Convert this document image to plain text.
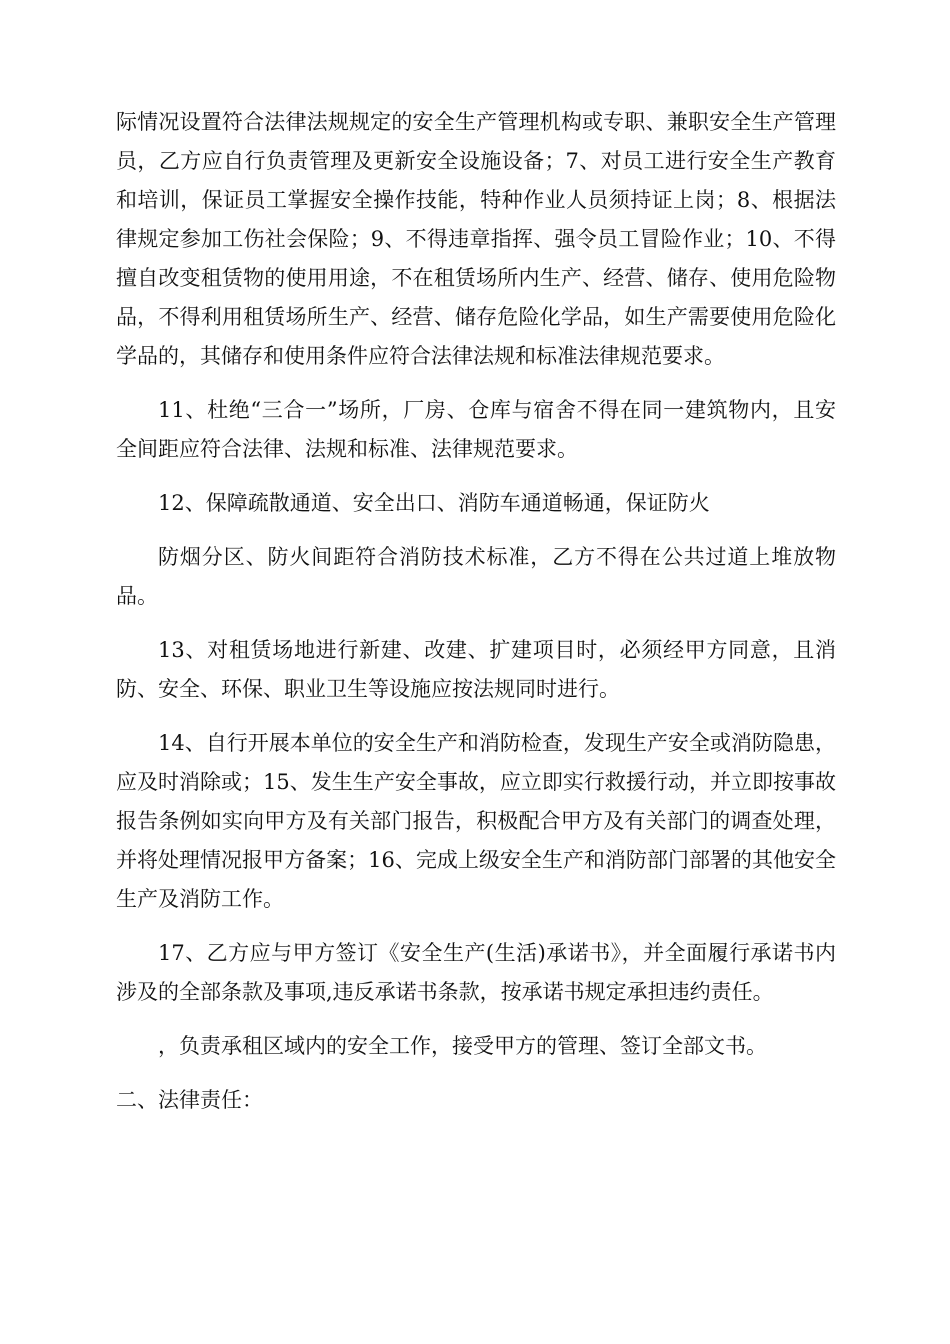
际情况设置符合法律法规规定的安全生产管理机构或专职、兼职安全生产管理员，乙方应自行负责管理及更新安全设施设备；7、对员工进行安全生产教育和培训，保证员工掌握安全操作技能，特种作业人员须持证上岗；8、根据法律规定参加工伤社会保险；9、不得违章指挥、强令员工冒险作业；10、不得擅自改变租赁物的使用用途，不在租赁场所内生产、经营、储存、使用危险物品，不得利用租赁场所生产、经营、储存危险化学品，如生产需要使用危险化学品的，其储存和使用条件应符合法律法规和标准法律规范要求。

11、杜绝“三合一”场所，厂房、仓库与宿舍不得在同一建筑物内，且安全间距应符合法律、法规和标准、法律规范要求。

12、保障疏散通道、安全出口、消防车通道畅通，保证防火

防烟分区、防火间距符合消防技术标准，乙方不得在公共过道上堆放物品。

13、对租赁场地进行新建、改建、扩建项目时，必须经甲方同意，且消防、安全、环保、职业卫生等设施应按法规同时进行。

14、自行开展本单位的安全生产和消防检查，发现生产安全或消防隐患，应及时消除或；15、发生生产安全事故，应立即实行救援行动，并立即按事故报告条例如实向甲方及有关部门报告，积极配合甲方及有关部门的调查处理，并将处理情况报甲方备案；16、完成上级安全生产和消防部门部署的其他安全生产及消防工作。

17、乙方应与甲方签订《安全生产(生活)承诺书》，并全面履行承诺书内涉及的全部条款及事项,违反承诺书条款，按承诺书规定承担违约责任。

，负责承租区域内的安全工作，接受甲方的管理、签订全部文书。

二、法律责任：
